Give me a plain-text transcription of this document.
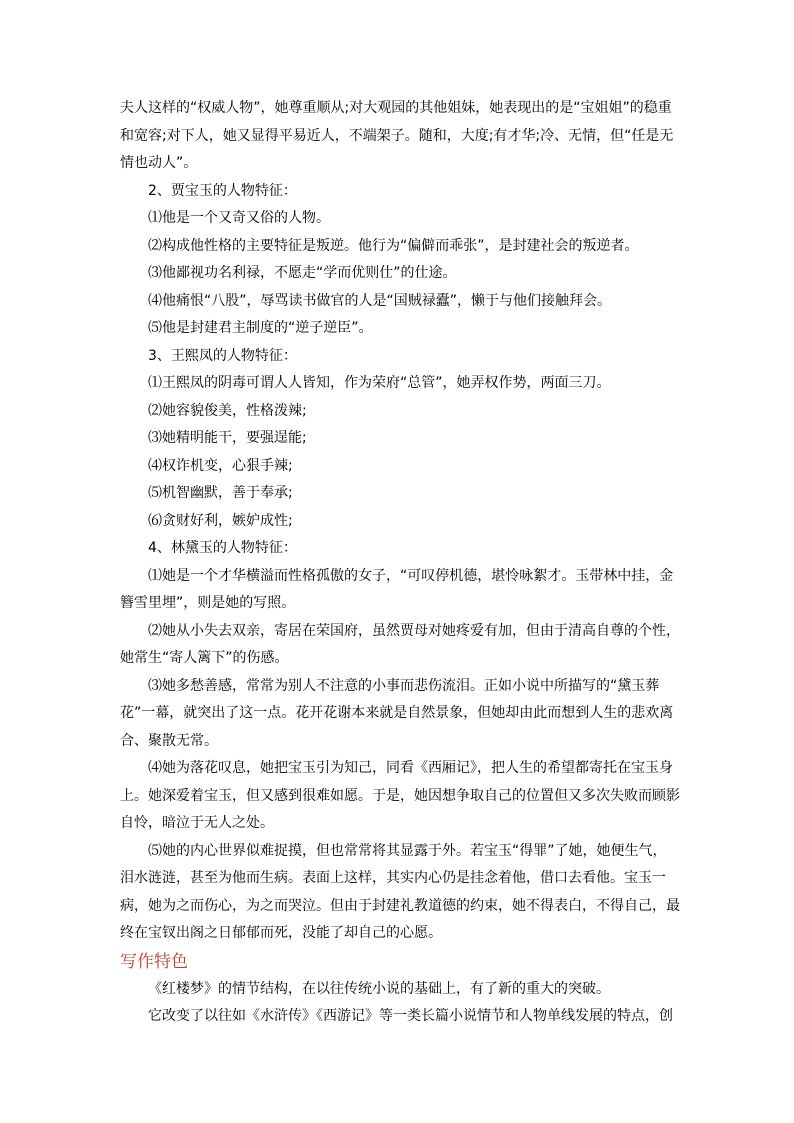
夫人这样的“权威人物”，她尊重顺从;对大观园的其他姐妹，她表现出的是“宝姐姐”的稳重和宽容;对下人，她又显得平易近人，不端架子。随和，大度;有才华;冷、无情，但“任是无情也动人”。

2、贾宝玉的人物特征：

⑴他是一个又奇又俗的人物。

⑵构成他性格的主要特征是叛逆。他行为“偏僻而乖张”，是封建社会的叛逆者。

⑶他鄙视功名利禄，不愿走“学而优则仕”的仕途。

⑷他痛恨“八股”，辱骂读书做官的人是“国贼禄蠹”，懒于与他们接触拜会。

⑸他是封建君主制度的“逆子逆臣”。

3、王熙凤的人物特征：

⑴王熙凤的阴毒可谓人人皆知，作为荣府“总管”，她弄权作势，两面三刀。

⑵她容貌俊美，性格泼辣;

⑶她精明能干，要强逞能;

⑷权诈机变，心狠手辣;

⑸机智幽默，善于奉承;

⑹贪财好利，嫉妒成性;

4、林黛玉的人物特征：

⑴她是一个才华横溢而性格孤傲的女子，“可叹停机德，堪怜咏絮才。玉带林中挂，金簪雪里埋”，则是她的写照。

⑵她从小失去双亲，寄居在荣国府，虽然贾母对她疼爱有加，但由于清高自尊的个性，她常生“寄人篱下”的伤感。

⑶她多愁善感，常常为别人不注意的小事而悲伤流泪。正如小说中所描写的“黛玉葬花”一幕，就突出了这一点。花开花谢本来就是自然景象，但她却由此而想到人生的悲欢离合、聚散无常。

⑷她为落花叹息，她把宝玉引为知己，同看《西厢记》，把人生的希望都寄托在宝玉身上。她深爱着宝玉，但又感到很难如愿。于是，她因想争取自己的位置但又多次失败而顾影自怜，暗泣于无人之处。

⑸她的内心世界似难捉摸，但也常常将其显露于外。若宝玉“得罪”了她，她便生气，泪水涟涟，甚至为他而生病。表面上这样，其实内心仍是挂念着他，借口去看他。宝玉一病，她为之而伤心，为之而哭泣。但由于封建礼教道德的约束，她不得表白，不得自己，最终在宝钗出阁之日郁郁而死，没能了却自己的心愿。

写作特色

《红楼梦》的情节结构，在以往传统小说的基础上，有了新的重大的突破。

它改变了以往如《水浒传》《西游记》等一类长篇小说情节和人物单线发展的特点，创
